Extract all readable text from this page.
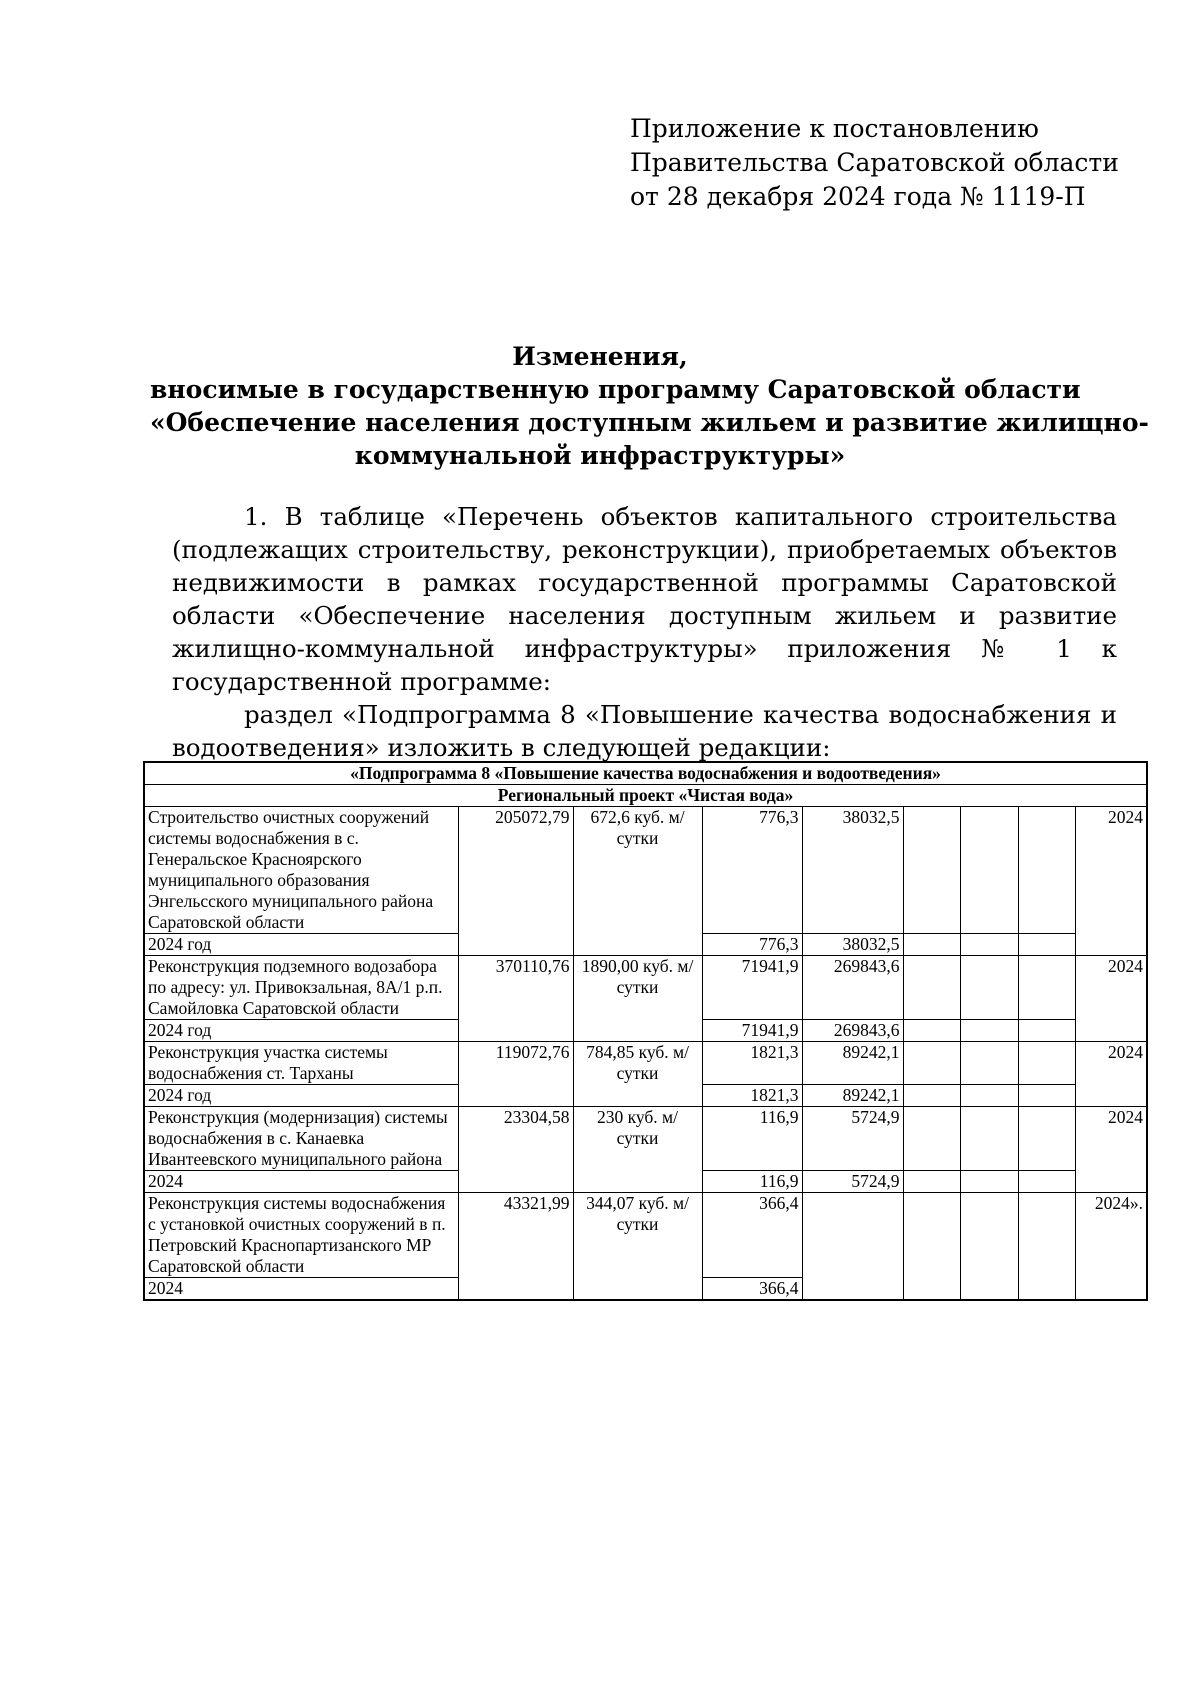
Приложение к постановлению
Правительства Саратовской области
от 28 декабря 2024 года № 1119-П
Изменения,
вносимые в государственную программу Саратовской области
«Обеспечение населения доступным жильем и развитие жилищно-
коммунальной инфраструктуры»

1. В таблице «Перечень объектов капитального строительства (подлежащих строительству, реконструкции), приобретаемых объектов недвижимости в рамках государственной программы Саратовской области «Обеспечение населения доступным жильем и развитие жилищно-коммунальной инфраструктуры» приложения № 1 к государственной программе:

раздел «Подпрограмма 8 «Повышение качества водоснабжения и водоотведения» изложить в следующей редакции:

«Подпрограмма 8 «Повышение качества водоснабжения и водоотведения»								
Региональный проект «Чистая вода»								
Строительство очистных сооружений системы водоснабжения в с. Генеральское Красноярского муниципального образования Энгельсского муниципального района Саратовской области	205072,79	672,6 куб. м/сутки	776,3	38032,5				2024
2024 год			776,3	38032,5				
Реконструкция подземного водозабора по адресу: ул. Привокзальная, 8А/1 р.п. Самойловка Саратовской области	370110,76	1890,00 куб. м/сутки	71941,9	269843,6				2024
2024 год			71941,9	269843,6				
Реконструкция участка системы водоснабжения ст. Тарханы	119072,76	784,85 куб. м/сутки	1821,3	89242,1				2024
2024 год			1821,3	89242,1				
Реконструкция (модернизация) системы водоснабжения в с. Канаевка Ивантеевского муниципального района	23304,58	230 куб. м/сутки	116,9	5724,9				2024
2024			116,9	5724,9				
Реконструкция системы водоснабжения с установкой очистных сооружений в п. Петровский Краснопартизанского МР Саратовской области	43321,99	344,07 куб. м/сутки	366,4					2024».
2024			366,4					
